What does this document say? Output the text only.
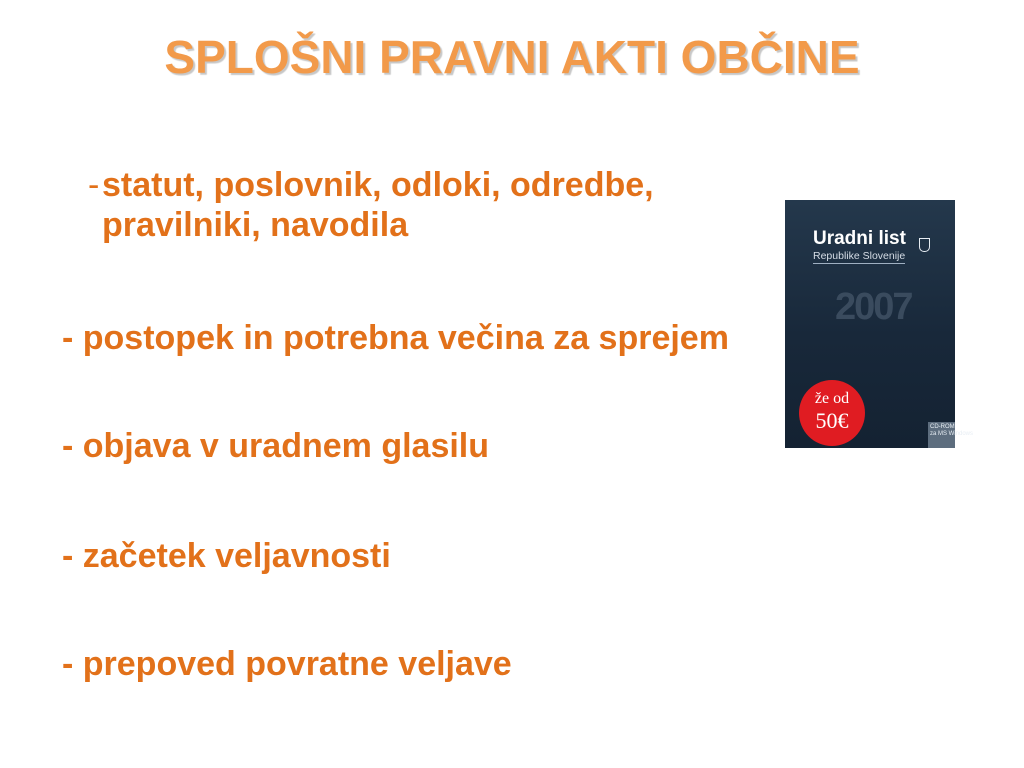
SPLOŠNI PRAVNI AKTI OBČINE
- statut, poslovnik, odloki, odredbe,
pravilniki, navodila	Uradni list
Republike Slovenije
2007
že od
50€	CD-ROM
za MS Windows
- postopek in potrebna večina za sprejem
- objava v uradnem glasilu
- začetek veljavnosti
- prepoved povratne veljave
